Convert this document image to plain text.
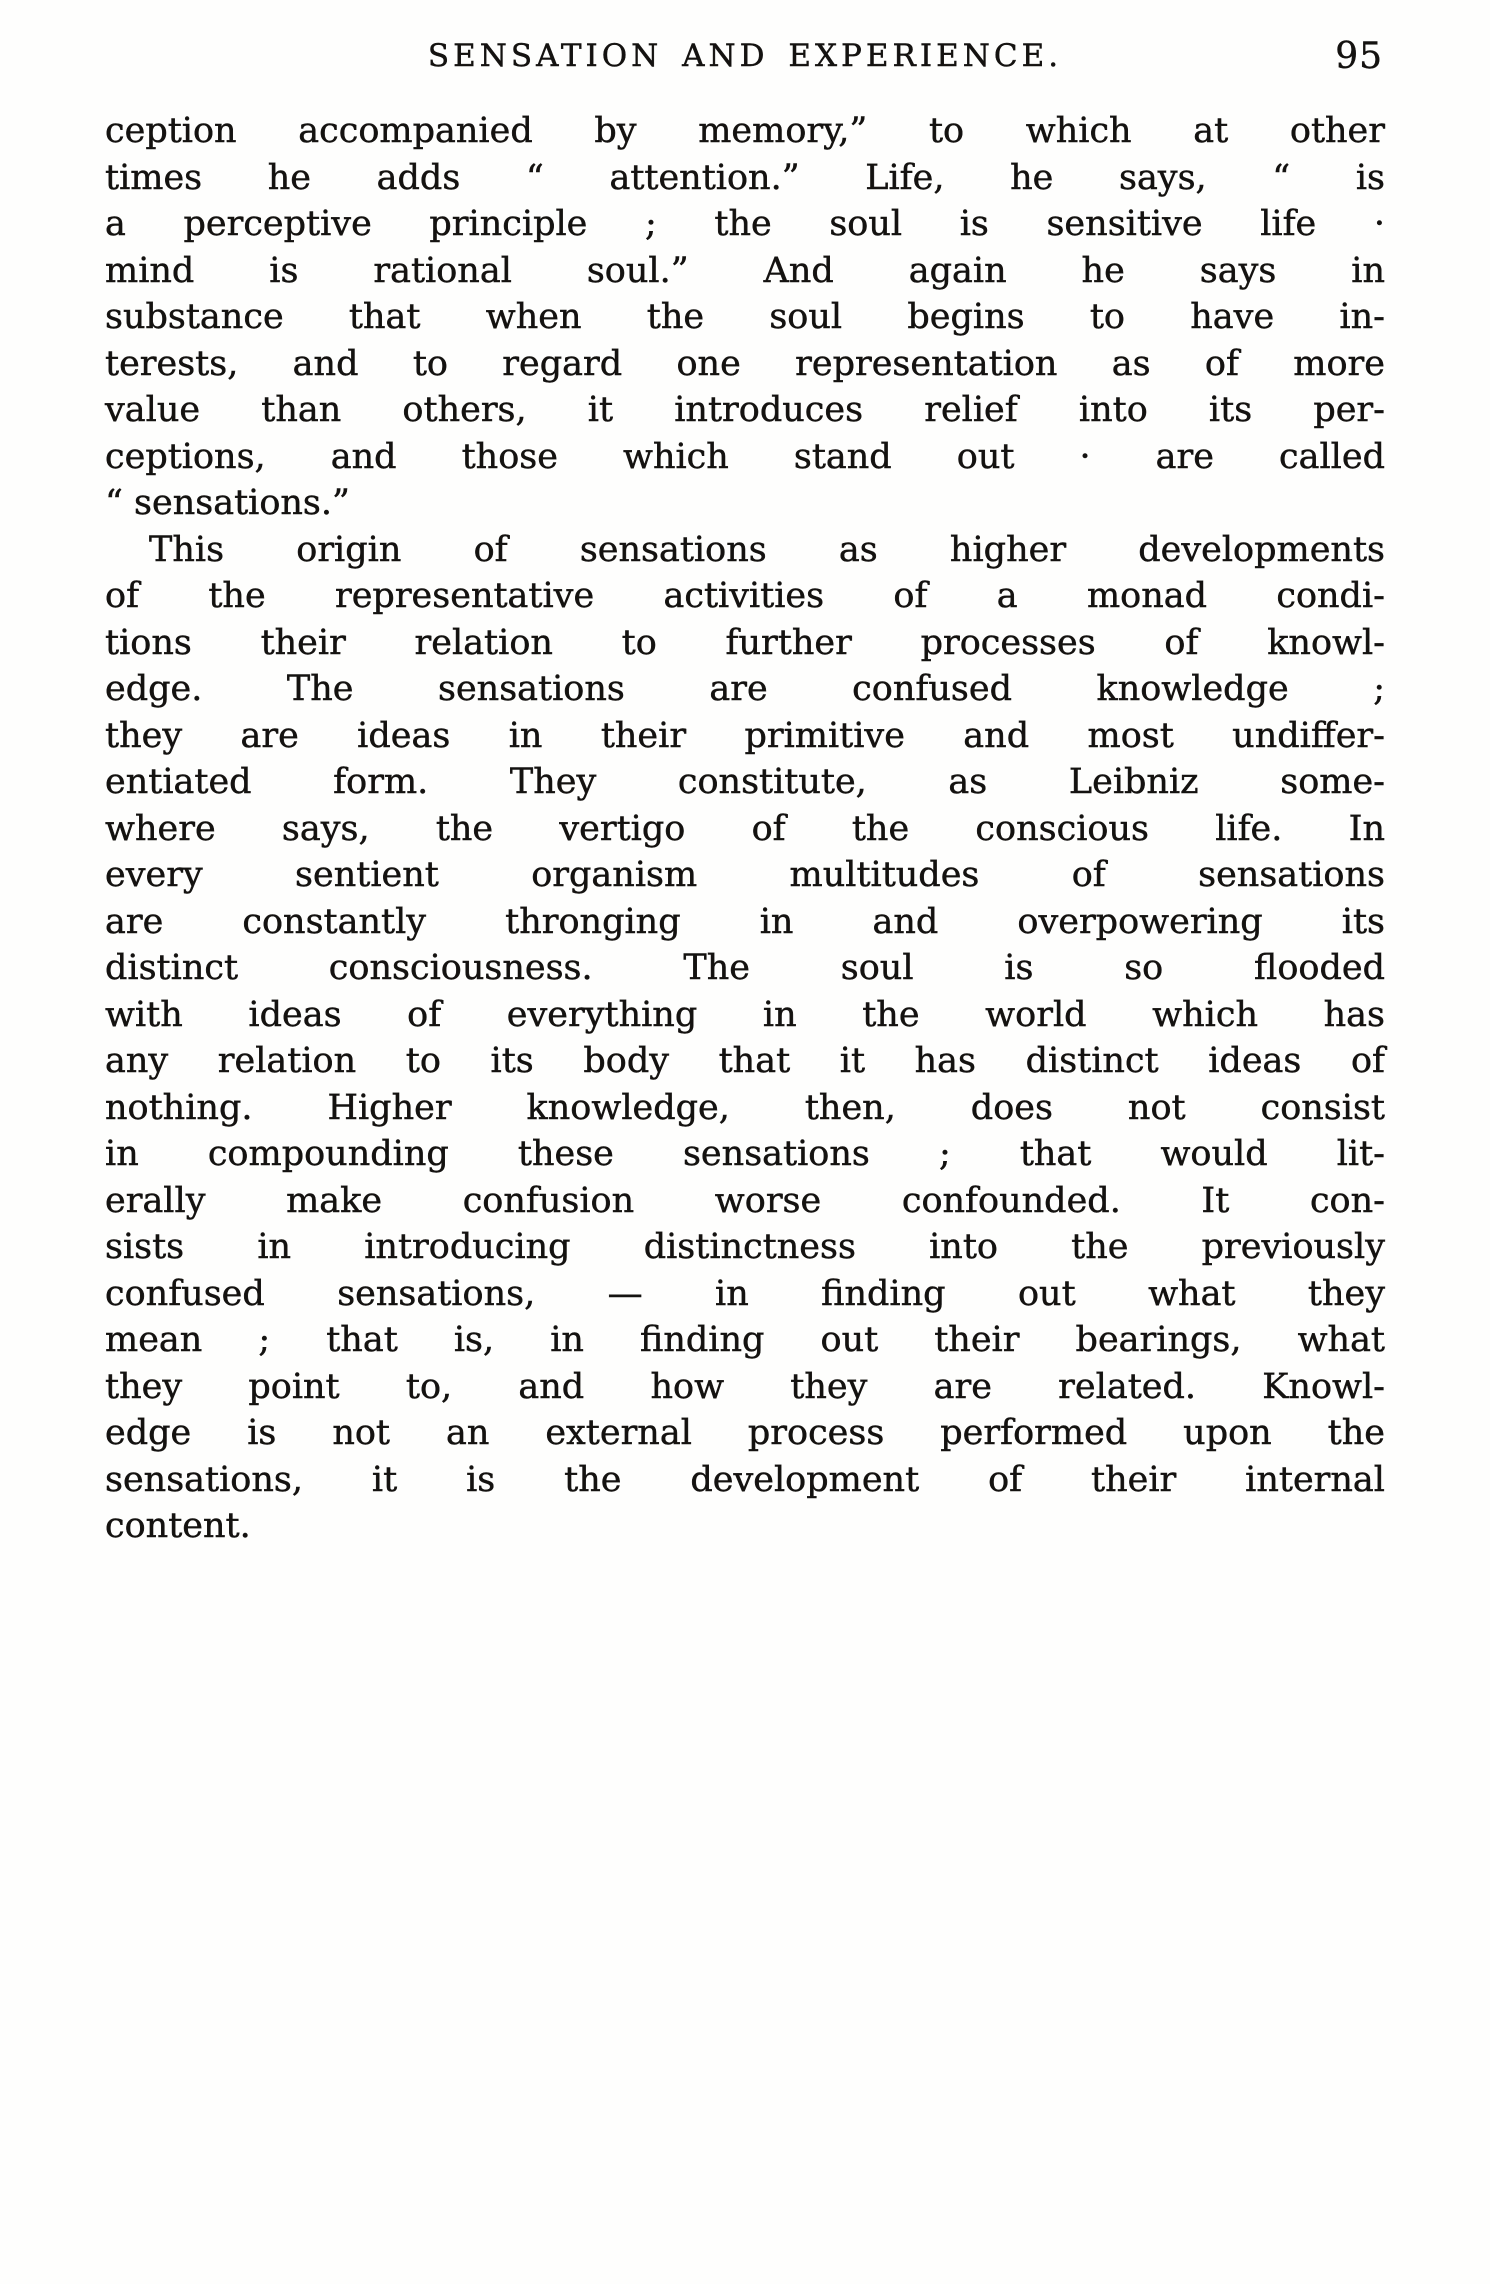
SENSATION AND EXPERIENCE.	95
ception accompanied by memory,” to which at other
times he adds “ attention.” Life, he says, “ is
a perceptive principle ; the soul is sensitive life ·
mind is rational soul.” And again he says in
substance that when the soul begins to have in-
terests, and to regard one representation as of more
value than others, it introduces relief into its per-
ceptions, and those which stand out · are called
“ sensations.”
This origin of sensations as higher developments
of the representative activities of a monad condi-
tions their relation to further processes of knowl-
edge. The sensations are confused knowledge ;
they are ideas in their primitive and most undiffer-
entiated form. They constitute, as Leibniz some-
where says, the vertigo of the conscious life. In
every sentient organism multitudes of sensations
are constantly thronging in and overpowering its
distinct consciousness. The soul is so flooded
with ideas of everything in the world which has
any relation to its body that it has distinct ideas of
nothing. Higher knowledge, then, does not consist
in compounding these sensations ; that would lit-
erally make confusion worse confounded. It con-
sists in introducing distinctness into the previously
confused sensations, — in finding out what they
mean ; that is, in finding out their bearings, what
they point to, and how they are related. Knowl-
edge is not an external process performed upon the
sensations, it is the development of their internal
content.
